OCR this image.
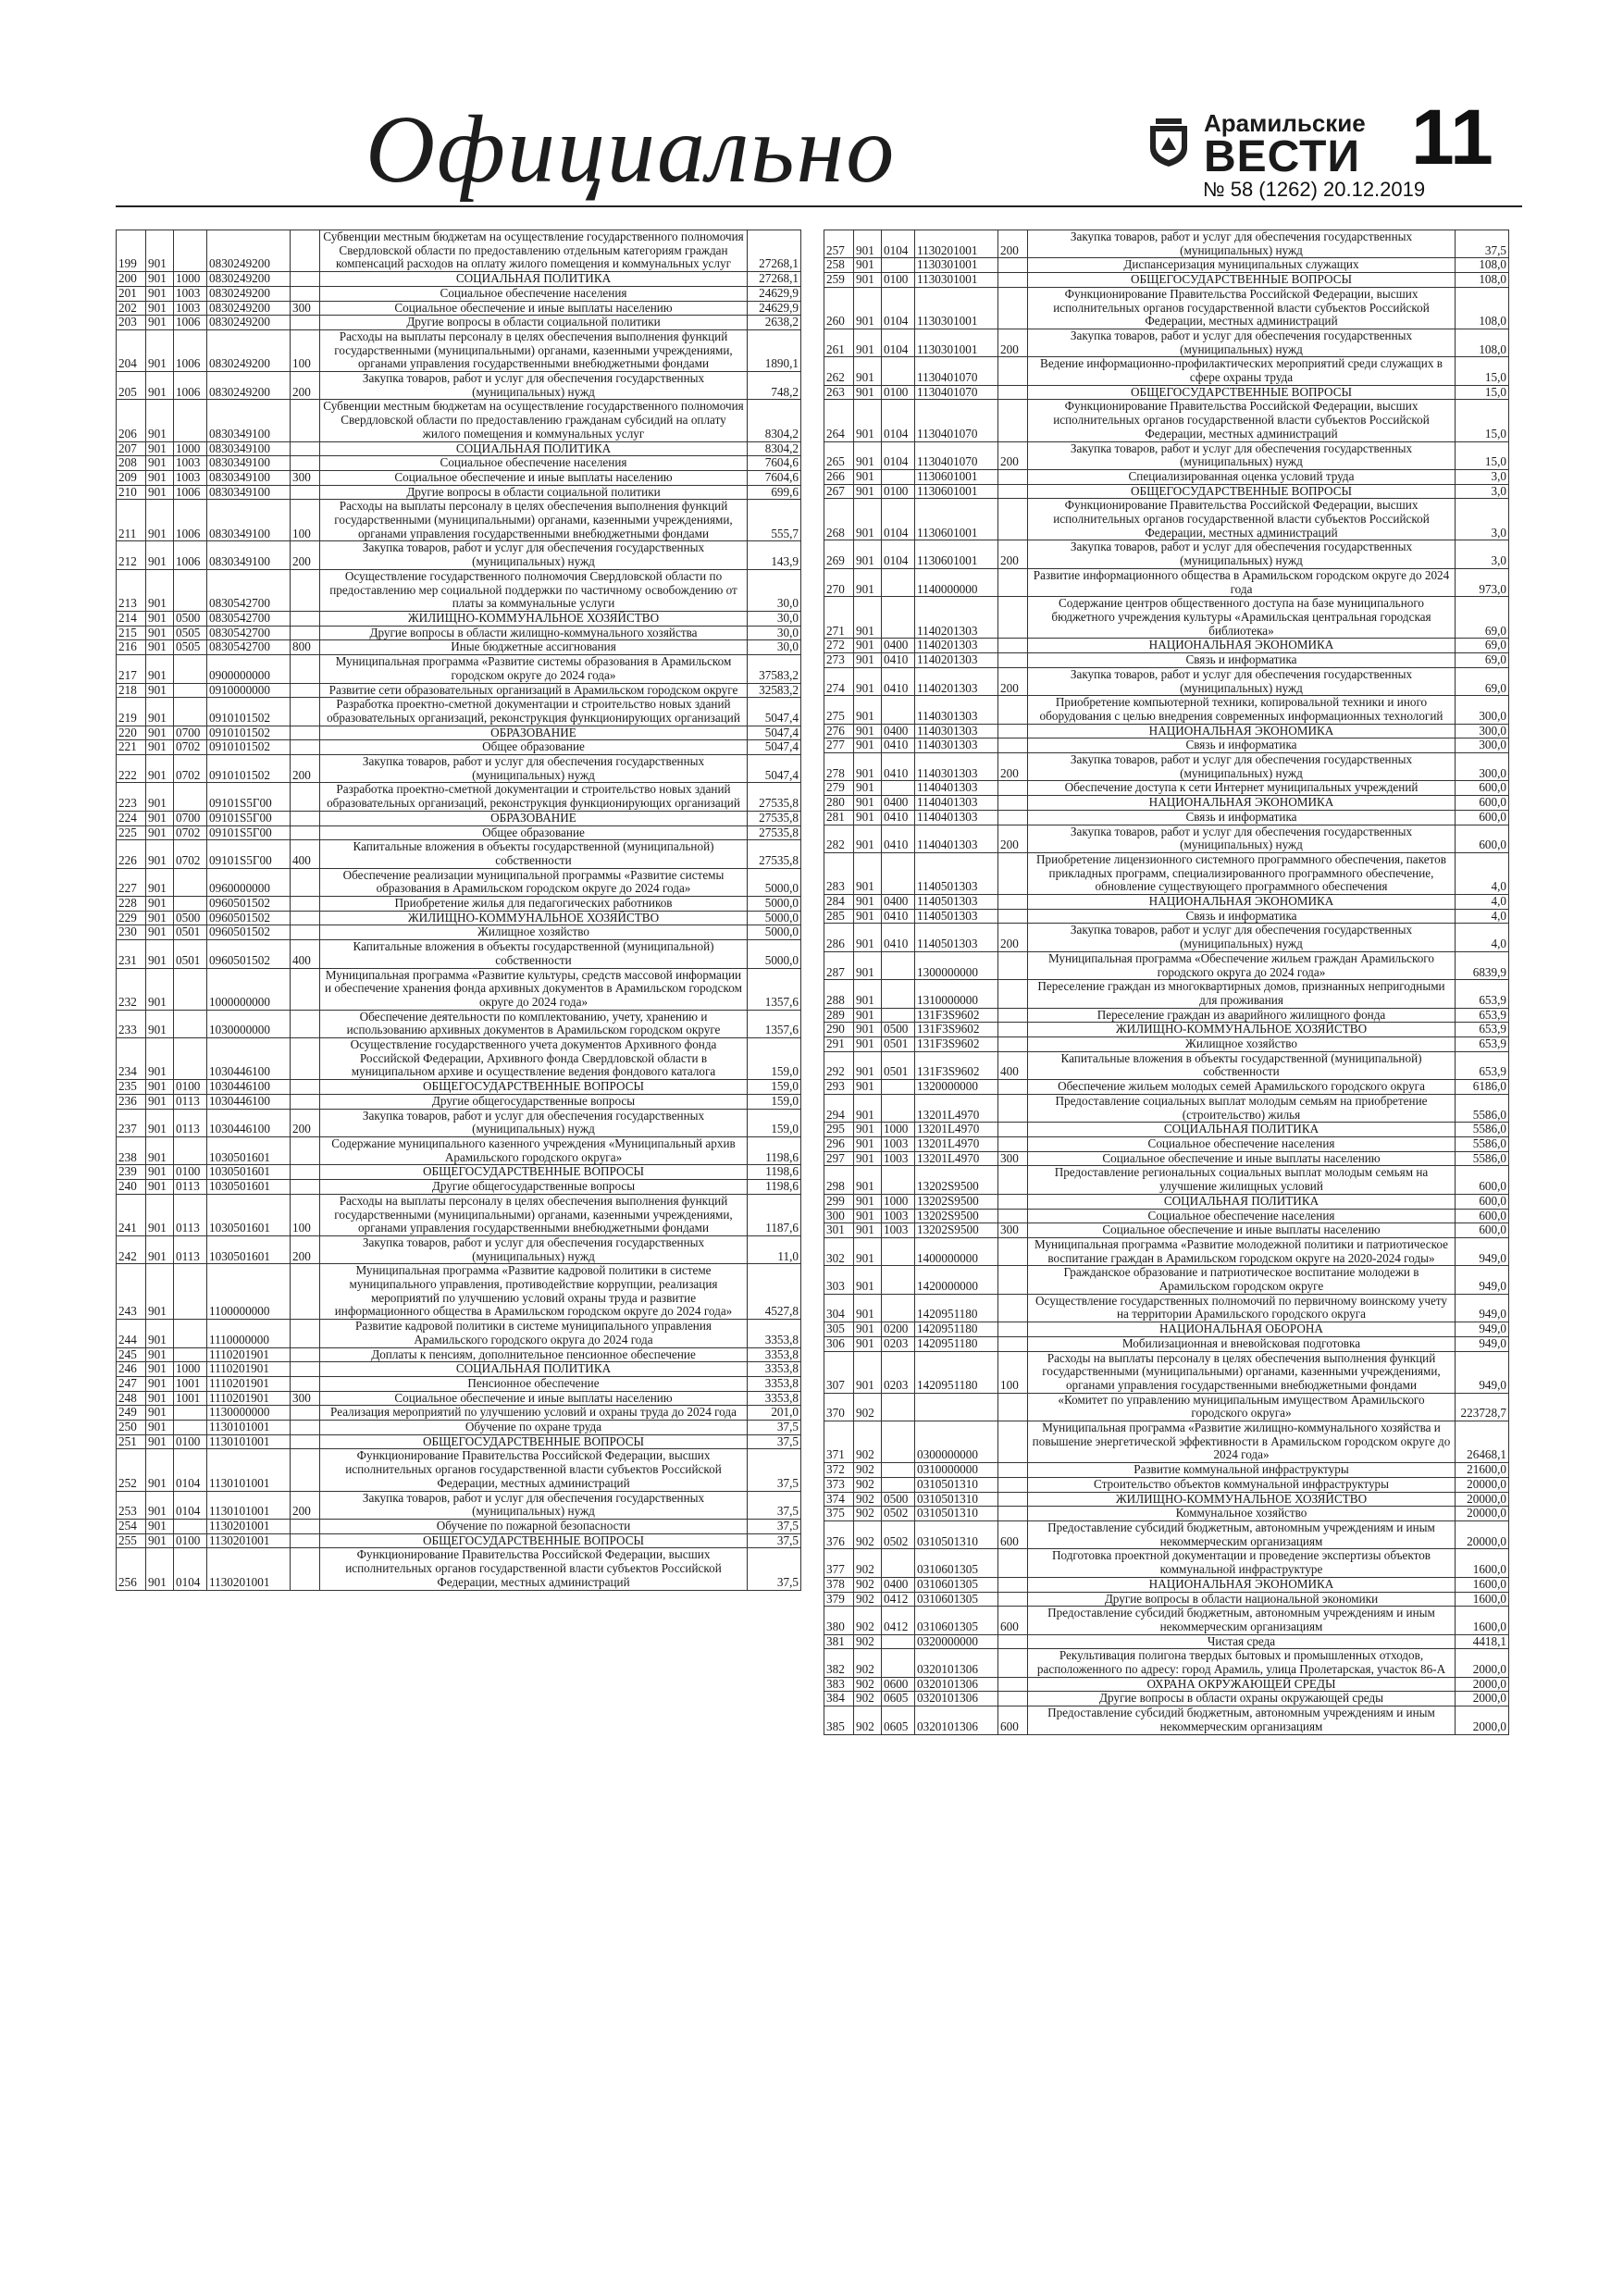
Официально	Арамильские
ВЕСТИ 11
№ 58 (1262) 20.12.2019
199	901		0830249200		Субвенции местным бюджетам на осуществление государственного полномочия Свердловской области по предоставлению отдельным категориям граждан компенсаций расходов на оплату жилого помещения и коммунальных услуг	27268,1
200	901	1000	0830249200		СОЦИАЛЬНАЯ ПОЛИТИКА	27268,1
201	901	1003	0830249200		Социальное обеспечение населения	24629,9
202	901	1003	0830249200	300	Социальное обеспечение и иные выплаты населению	24629,9
203	901	1006	0830249200		Другие вопросы в области социальной политики	2638,2
204	901	1006	0830249200	100	Расходы на выплаты персоналу в целях обеспечения выполнения функций государственными (муниципальными) органами, казенными учреждениями, органами управления государственными внебюджетными фондами	1890,1
205	901	1006	0830249200	200	Закупка товаров, работ и услуг для обеспечения государственных (муниципальных) нужд	748,2
206	901		0830349100		Субвенции местным бюджетам на осуществление государственного полномочия Свердловской области по предоставлению гражданам субсидий на оплату жилого помещения и коммунальных услуг	8304,2
207	901	1000	0830349100		СОЦИАЛЬНАЯ ПОЛИТИКА	8304,2
208	901	1003	0830349100		Социальное обеспечение населения	7604,6
209	901	1003	0830349100	300	Социальное обеспечение и иные выплаты населению	7604,6
210	901	1006	0830349100		Другие вопросы в области социальной политики	699,6
211	901	1006	0830349100	100	Расходы на выплаты персоналу в целях обеспечения выполнения функций государственными (муниципальными) органами, казенными учреждениями, органами управления государственными внебюджетными фондами	555,7
212	901	1006	0830349100	200	Закупка товаров, работ и услуг для обеспечения государственных (муниципальных) нужд	143,9
213	901		0830542700		Осуществление государственного полномочия Свердловской области по предоставлению мер социальной поддержки по частичному освобождению от платы за коммунальные услуги	30,0
214	901	0500	0830542700		ЖИЛИЩНО-КОММУНАЛЬНОЕ ХОЗЯЙСТВО	30,0
215	901	0505	0830542700		Другие вопросы в области жилищно-коммунального хозяйства	30,0
216	901	0505	0830542700	800	Иные бюджетные ассигнования	30,0
217	901		0900000000		Муниципальная программа «Развитие системы образования в Арамильском городском округе до 2024 года»	37583,2
218	901		0910000000		Развитие сети образовательных организаций в Арамильском городском округе	32583,2
219	901		0910101502		Разработка проектно-сметной документации и строительство новых зданий образовательных организаций, реконструкция функционирующих организаций	5047,4
220	901	0700	0910101502		ОБРАЗОВАНИЕ	5047,4
221	901	0702	0910101502		Общее образование	5047,4
222	901	0702	0910101502	200	Закупка товаров, работ и услуг для обеспечения государственных (муниципальных) нужд	5047,4
223	901		09101S5Г00		Разработка проектно-сметной документации и строительство новых зданий образовательных организаций, реконструкция функционирующих организаций	27535,8
224	901	0700	09101S5Г00		ОБРАЗОВАНИЕ	27535,8
225	901	0702	09101S5Г00		Общее образование	27535,8
226	901	0702	09101S5Г00	400	Капитальные вложения в объекты государственной (муниципальной) собственности	27535,8
227	901		0960000000		Обеспечение реализации муниципальной программы «Развитие системы образования в Арамильском городском округе до 2024 года»	5000,0
228	901		0960501502		Приобретение жилья для педагогических работников	5000,0
229	901	0500	0960501502		ЖИЛИЩНО-КОММУНАЛЬНОЕ ХОЗЯЙСТВО	5000,0
230	901	0501	0960501502		Жилищное хозяйство	5000,0
231	901	0501	0960501502	400	Капитальные вложения в объекты государственной (муниципальной) собственности	5000,0
232	901		1000000000		Муниципальная программа «Развитие культуры, средств массовой информации и обеспечение хранения фонда архивных документов в Арамильском городском округе до 2024 года»	1357,6
233	901		1030000000		Обеспечение деятельности по комплектованию, учету, хранению и использованию архивных документов в Арамильском городском округе	1357,6
234	901		1030446100		Осуществление государственного учета документов Архивного фонда Российской Федерации, Архивного фонда Свердловской области в муниципальном архиве и осуществление ведения фондового каталога	159,0
235	901	0100	1030446100		ОБЩЕГОСУДАРСТВЕННЫЕ ВОПРОСЫ	159,0
236	901	0113	1030446100		Другие общегосударственные вопросы	159,0
237	901	0113	1030446100	200	Закупка товаров, работ и услуг для обеспечения государственных (муниципальных) нужд	159,0
238	901		1030501601		Содержание муниципального казенного учреждения «Муниципальный архив Арамильского городского округа»	1198,6
239	901	0100	1030501601		ОБЩЕГОСУДАРСТВЕННЫЕ ВОПРОСЫ	1198,6
240	901	0113	1030501601		Другие общегосударственные вопросы	1198,6
241	901	0113	1030501601	100	Расходы на выплаты персоналу в целях обеспечения выполнения функций государственными (муниципальными) органами, казенными учреждениями, органами управления государственными внебюджетными фондами	1187,6
242	901	0113	1030501601	200	Закупка товаров, работ и услуг для обеспечения государственных (муниципальных) нужд	11,0
243	901		1100000000		Муниципальная программа «Развитие кадровой политики в системе муниципального управления, противодействие коррупции, реализация мероприятий по улучшению условий охраны труда и развитие информационного общества в Арамильском городском округе до 2024 года»	4527,8
244	901		1110000000		Развитие кадровой политики в системе муниципального управления Арамильского городского округа до 2024 года	3353,8
245	901		1110201901		Доплаты к пенсиям, дополнительное пенсионное обеспечение	3353,8
246	901	1000	1110201901		СОЦИАЛЬНАЯ ПОЛИТИКА	3353,8
247	901	1001	1110201901		Пенсионное обеспечение	3353,8
248	901	1001	1110201901	300	Социальное обеспечение и иные выплаты населению	3353,8
249	901		1130000000		Реализация мероприятий по улучшению условий и охраны труда до 2024 года	201,0
250	901		1130101001		Обучение по охране труда	37,5
251	901	0100	1130101001		ОБЩЕГОСУДАРСТВЕННЫЕ ВОПРОСЫ	37,5
252	901	0104	1130101001		Функционирование Правительства Российской Федерации, высших исполнительных органов государственной власти субъектов Российской Федерации, местных администраций	37,5
253	901	0104	1130101001	200	Закупка товаров, работ и услуг для обеспечения государственных (муниципальных) нужд	37,5
254	901		1130201001		Обучение по пожарной безопасности	37,5
255	901	0100	1130201001		ОБЩЕГОСУДАРСТВЕННЫЕ ВОПРОСЫ	37,5
256	901	0104	1130201001		Функционирование Правительства Российской Федерации, высших исполнительных органов государственной власти субъектов Российской Федерации, местных администраций	37,5
257	901	0104	1130201001	200	Закупка товаров, работ и услуг для обеспечения государственных (муниципальных) нужд	37,5
258	901		1130301001		Диспансеризация муниципальных служащих	108,0
259	901	0100	1130301001		ОБЩЕГОСУДАРСТВЕННЫЕ ВОПРОСЫ	108,0
260	901	0104	1130301001		Функционирование Правительства Российской Федерации, высших исполнительных органов государственной власти субъектов Российской Федерации, местных администраций	108,0
261	901	0104	1130301001	200	Закупка товаров, работ и услуг для обеспечения государственных (муниципальных) нужд	108,0
262	901		1130401070		Ведение информационно-профилактических мероприятий среди служащих в сфере охраны труда	15,0
263	901	0100	1130401070		ОБЩЕГОСУДАРСТВЕННЫЕ ВОПРОСЫ	15,0
264	901	0104	1130401070		Функционирование Правительства Российской Федерации, высших исполнительных органов государственной власти субъектов Российской Федерации, местных администраций	15,0
265	901	0104	1130401070	200	Закупка товаров, работ и услуг для обеспечения государственных (муниципальных) нужд	15,0
266	901		1130601001		Специализированная оценка условий труда	3,0
267	901	0100	1130601001		ОБЩЕГОСУДАРСТВЕННЫЕ ВОПРОСЫ	3,0
268	901	0104	1130601001		Функционирование Правительства Российской Федерации, высших исполнительных органов государственной власти субъектов Российской Федерации, местных администраций	3,0
269	901	0104	1130601001	200	Закупка товаров, работ и услуг для обеспечения государственных (муниципальных) нужд	3,0
270	901		1140000000		Развитие информационного общества в Арамильском городском округе до 2024 года	973,0
271	901		1140201303		Содержание центров общественного доступа на базе муниципального бюджетного учреждения культуры «Арамильская центральная городская библиотека»	69,0
272	901	0400	1140201303		НАЦИОНАЛЬНАЯ ЭКОНОМИКА	69,0
273	901	0410	1140201303		Связь и информатика	69,0
274	901	0410	1140201303	200	Закупка товаров, работ и услуг для обеспечения государственных (муниципальных) нужд	69,0
275	901		1140301303		Приобретение компьютерной техники, копировальной техники и иного оборудования с целью внедрения современных информационных технологий	300,0
276	901	0400	1140301303		НАЦИОНАЛЬНАЯ ЭКОНОМИКА	300,0
277	901	0410	1140301303		Связь и информатика	300,0
278	901	0410	1140301303	200	Закупка товаров, работ и услуг для обеспечения государственных (муниципальных) нужд	300,0
279	901		1140401303		Обеспечение доступа к сети Интернет муниципальных учреждений	600,0
280	901	0400	1140401303		НАЦИОНАЛЬНАЯ ЭКОНОМИКА	600,0
281	901	0410	1140401303		Связь и информатика	600,0
282	901	0410	1140401303	200	Закупка товаров, работ и услуг для обеспечения государственных (муниципальных) нужд	600,0
283	901		1140501303		Приобретение лицензионного системного программного обеспечения, пакетов прикладных программ, специализированного программного обеспечение, обновление существующего программного обеспечения	4,0
284	901	0400	1140501303		НАЦИОНАЛЬНАЯ ЭКОНОМИКА	4,0
285	901	0410	1140501303		Связь и информатика	4,0
286	901	0410	1140501303	200	Закупка товаров, работ и услуг для обеспечения государственных (муниципальных) нужд	4,0
287	901		1300000000		Муниципальная программа «Обеспечение жильем граждан Арамильского городского округа до 2024 года»	6839,9
288	901		1310000000		Переселение граждан из многоквартирных домов, признанных непригодными для проживания	653,9
289	901		131F3S9602		Переселение граждан из аварийного жилищного фонда	653,9
290	901	0500	131F3S9602		ЖИЛИЩНО-КОММУНАЛЬНОЕ ХОЗЯЙСТВО	653,9
291	901	0501	131F3S9602		Жилищное хозяйство	653,9
292	901	0501	131F3S9602	400	Капитальные вложения в объекты государственной (муниципальной) собственности	653,9
293	901		1320000000		Обеспечение жильем молодых семей Арамильского городского округа	6186,0
294	901		13201L4970		Предоставление социальных выплат молодым семьям на приобретение (строительство) жилья	5586,0
295	901	1000	13201L4970		СОЦИАЛЬНАЯ ПОЛИТИКА	5586,0
296	901	1003	13201L4970		Социальное обеспечение населения	5586,0
297	901	1003	13201L4970	300	Социальное обеспечение и иные выплаты населению	5586,0
298	901		13202S9500		Предоставление региональных социальных выплат молодым семьям на улучшение жилищных условий	600,0
299	901	1000	13202S9500		СОЦИАЛЬНАЯ ПОЛИТИКА	600,0
300	901	1003	13202S9500		Социальное обеспечение населения	600,0
301	901	1003	13202S9500	300	Социальное обеспечение и иные выплаты населению	600,0
302	901		1400000000		Муниципальная программа «Развитие молодежной политики и патриотическое воспитание граждан в Арамильском городском округе на 2020-2024 годы»	949,0
303	901		1420000000		Гражданское образование и патриотическое воспитание молодежи в Арамильском городском округе	949,0
304	901		1420951180		Осуществление государственных полномочий по первичному воинскому учету на территории Арамильского городского округа	949,0
305	901	0200	1420951180		НАЦИОНАЛЬНАЯ ОБОРОНА	949,0
306	901	0203	1420951180		Мобилизационная и вневойсковая подготовка	949,0
307	901	0203	1420951180	100	Расходы на выплаты персоналу в целях обеспечения выполнения функций государственными (муниципальными) органами, казенными учреждениями, органами управления государственными внебюджетными фондами	949,0
370	902				«Комитет по управлению муниципальным имуществом Арамильского городского округа»	223728,7
371	902		0300000000		Муниципальная программа «Развитие жилищно-коммунального хозяйства и повышение энергетической эффективности в Арамильском городском округе до 2024 года»	26468,1
372	902		0310000000		Развитие коммунальной инфраструктуры	21600,0
373	902		0310501310		Строительство объектов коммунальной инфраструктуры	20000,0
374	902	0500	0310501310		ЖИЛИЩНО-КОММУНАЛЬНОЕ ХОЗЯЙСТВО	20000,0
375	902	0502	0310501310		Коммунальное хозяйство	20000,0
376	902	0502	0310501310	600	Предоставление субсидий бюджетным, автономным учреждениям и иным некоммерческим организациям	20000,0
377	902		0310601305		Подготовка проектной документации и проведение экспертизы объектов коммунальной инфраструктуре	1600,0
378	902	0400	0310601305		НАЦИОНАЛЬНАЯ ЭКОНОМИКА	1600,0
379	902	0412	0310601305		Другие вопросы в области национальной экономики	1600,0
380	902	0412	0310601305	600	Предоставление субсидий бюджетным, автономным учреждениям и иным некоммерческим организациям	1600,0
381	902		0320000000		Чистая среда	4418,1
382	902		0320101306		Рекультивация полигона твердых бытовых и промышленных отходов, расположенного по адресу: город Арамиль, улица Пролетарская, участок 86-А	2000,0
383	902	0600	0320101306		ОХРАНА ОКРУЖАЮЩЕЙ СРЕДЫ	2000,0
384	902	0605	0320101306		Другие вопросы в области охраны окружающей среды	2000,0
385	902	0605	0320101306	600	Предоставление субсидий бюджетным, автономным учреждениям и иным некоммерческим организациям	2000,0
